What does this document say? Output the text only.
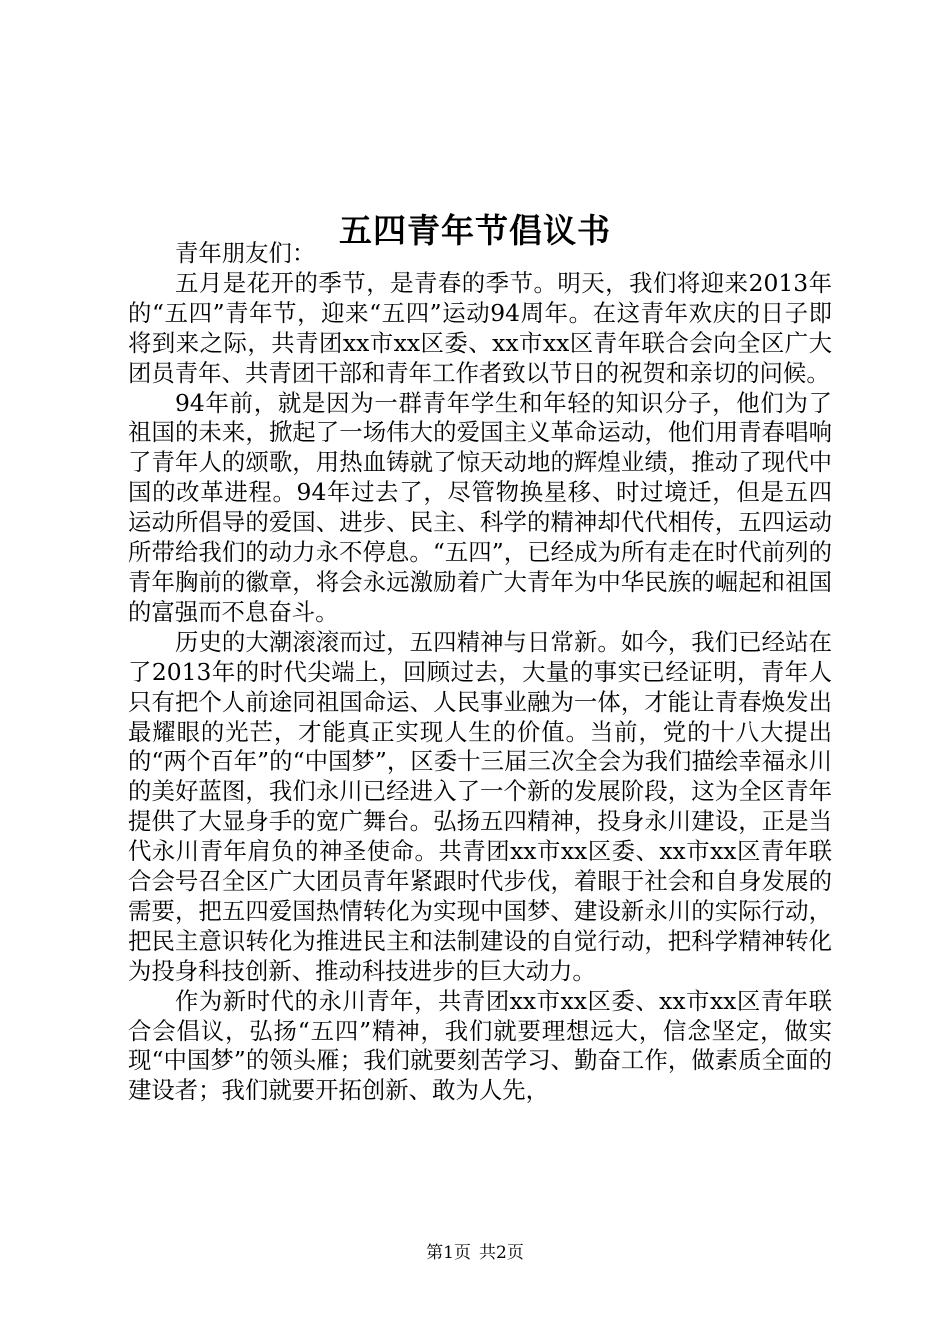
五四青年节倡议书

青年朋友们：

五月是花开的季节，是青春的季节。明天，我们将迎来2013年的“五四”青年节，迎来“五四”运动94周年。在这青年欢庆的日子即将到来之际，共青团xx市xx区委、xx市xx区青年联合会向全区广大团员青年、共青团干部和青年工作者致以节日的祝贺和亲切的问候。

94年前，就是因为一群青年学生和年轻的知识分子，他们为了祖国的未来，掀起了一场伟大的爱国主义革命运动，他们用青春唱响了青年人的颂歌，用热血铸就了惊天动地的辉煌业绩，推动了现代中国的改革进程。94年过去了，尽管物换星移、时过境迁，但是五四运动所倡导的爱国、进步、民主、科学的精神却代代相传，五四运动所带给我们的动力永不停息。“五四”，已经成为所有走在时代前列的青年胸前的徽章，将会永远激励着广大青年为中华民族的崛起和祖国的富强而不息奋斗。

历史的大潮滚滚而过，五四精神与日常新。如今，我们已经站在了2013年的时代尖端上，回顾过去，大量的事实已经证明，青年人只有把个人前途同祖国命运、人民事业融为一体，才能让青春焕发出最耀眼的光芒，才能真正实现人生的价值。当前，党的十八大提出的“两个百年”的“中国梦”，区委十三届三次全会为我们描绘幸福永川的美好蓝图，我们永川已经进入了一个新的发展阶段，这为全区青年提供了大显身手的宽广舞台。弘扬五四精神，投身永川建设，正是当代永川青年肩负的神圣使命。共青团xx市xx区委、xx市xx区青年联合会号召全区广大团员青年紧跟时代步伐，着眼于社会和自身发展的需要，把五四爱国热情转化为实现中国梦、建设新永川的实际行动，把民主意识转化为推进民主和法制建设的自觉行动，把科学精神转化为投身科技创新、推动科技进步的巨大动力。

作为新时代的永川青年，共青团xx市xx区委、xx市xx区青年联合会倡议，弘扬“五四”精神，我们就要理想远大，信念坚定，做实现“中国梦”的领头雁；我们就要刻苦学习、勤奋工作，做素质全面的建设者；我们就要开拓创新、敢为人先，

第1页 共2页
